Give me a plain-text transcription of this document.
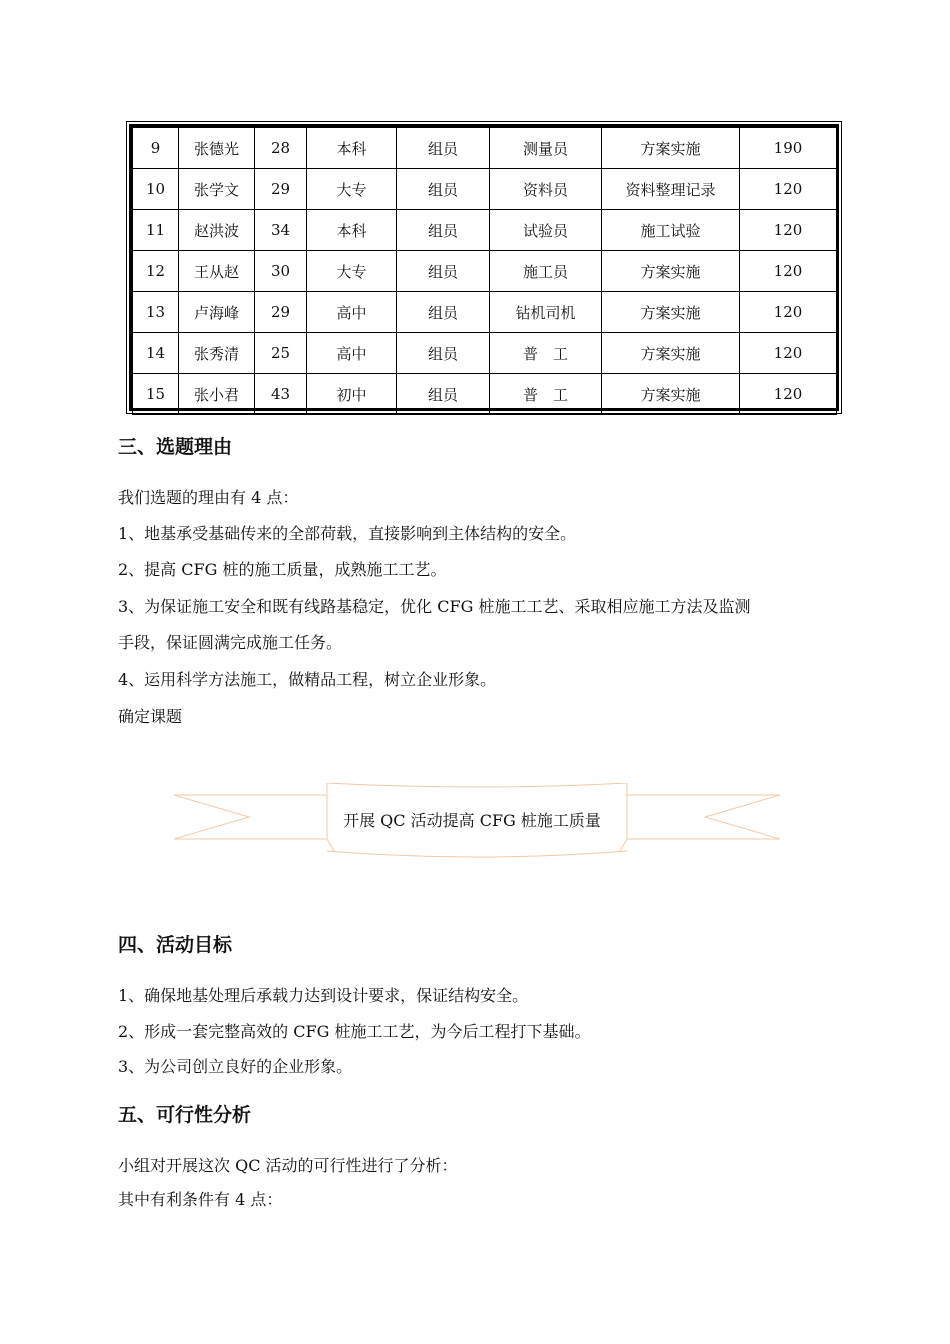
9	张德光	28	本科	组员	测量员	方案实施	190
10	张学文	29	大专	组员	资料员	资料整理记录	120
11	赵洪波	34	本科	组员	试验员	施工试验	120
12	王从赵	30	大专	组员	施工员	方案实施	120
13	卢海峰	29	高中	组员	钻机司机	方案实施	120
14	张秀清	25	高中	组员	普　工	方案实施	120
15	张小君	43	初中	组员	普　工	方案实施	120
三、选题理由
我们选题的理由有 4 点：
1、地基承受基础传来的全部荷载，直接影响到主体结构的安全。
2、提高 CFG 桩的施工质量，成熟施工工艺。
3、为保证施工安全和既有线路基稳定，优化 CFG 桩施工工艺、采取相应施工方法及监测
手段，保证圆满完成施工任务。
4、运用科学方法施工，做精品工程，树立企业形象。
确定课题
开展 QC 活动提高 CFG 桩施工质量
四、活动目标
1、确保地基处理后承载力达到设计要求，保证结构安全。
2、形成一套完整高效的 CFG 桩施工工艺，为今后工程打下基础。
3、为公司创立良好的企业形象。
五、可行性分析
小组对开展这次 QC 活动的可行性进行了分析：
其中有利条件有 4 点：
